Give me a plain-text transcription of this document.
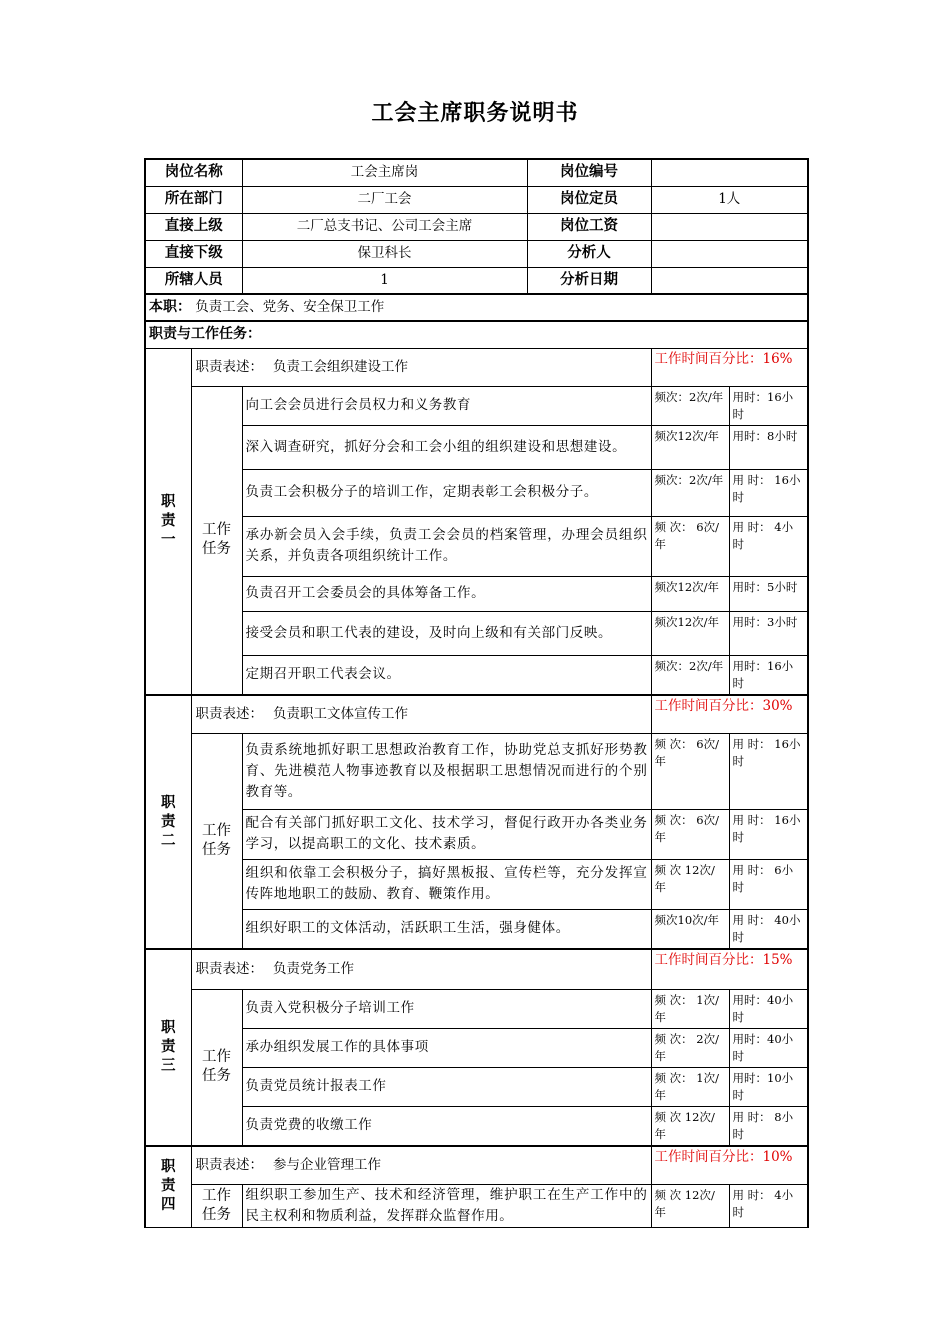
工会主席职务说明书
岗位名称		工会主席岗	岗位编号		
所在部门		二厂工会	岗位定员	1人	
直接上级		二厂总支书记、公司工会主席	岗位工资		
直接下级		保卫科长	分析人		
所辖人员		1	分析日期		
本职： 负责工会、党务、安全保卫工作					
职责与工作任务：					

职
责
一	职责表述： 负责工会组织建设工作			工作时间百分比：16%	

	工作
任务	向工会会员进行会员权力和义务教育		频次：2次/年	用时：16小时
		深入调查研究，抓好分会和工会小组的组织建设和思想建设。		频次12次/年	用时：8小时
		负责工会积极分子的培训工作，定期表彰工会积极分子。		频次：2次/年	用 时： 16小时
		承办新会员入会手续，负责工会会员的档案管理，办理会员组织关系，并负责各项组织统计工作。		频 次： 6次/年	用 时： 4小时
		负责召开工会委员会的具体筹备工作。		频次12次/年	用时：5小时
		接受会员和职工代表的建设，及时向上级和有关部门反映。		频次12次/年	用时：3小时
		定期召开职工代表会议。		频次：2次/年	用时：16小时

职
责
二	职责表述： 负责职工文体宣传工作			工作时间百分比：30%	

	工作
任务	负责系统地抓好职工思想政治教育工作，协助党总支抓好形势教育、先进模范人物事迹教育以及根据职工思想情况而进行的个别教育等。		频 次： 6次/年	用 时： 16小时
		配合有关部门抓好职工文化、技术学习，督促行政开办各类业务学习，以提高职工的文化、技术素质。		频 次： 6次/年	用 时： 16小时
		组织和依靠工会积极分子，搞好黑板报、宣传栏等，充分发挥宣传阵地地职工的鼓励、教育、鞭策作用。		频 次 12次/年	用 时： 6小时
		组织好职工的文体活动，活跃职工生活，强身健体。		频次10次/年	用 时： 40小时

职
责
三	职责表述： 负责党务工作			工作时间百分比：15%	

	工作
任务	负责入党积极分子培训工作		频 次： 1次/年	用时：40小时
		承办组织发展工作的具体事项		频 次： 2次/年	用时：40小时
		负责党员统计报表工作		频 次： 1次/年	用时：10小时
		负责党费的收缴工作		频 次 12次/年	用 时： 8小时

职
责
四	职责表述： 参与企业管理工作			工作时间百分比：10%	

	工作
任务	组织职工参加生产、技术和经济管理，维护职工在生产工作中的民主权利和物质利益，发挥群众监督作用。		频 次 12次/年	用 时： 4小时
